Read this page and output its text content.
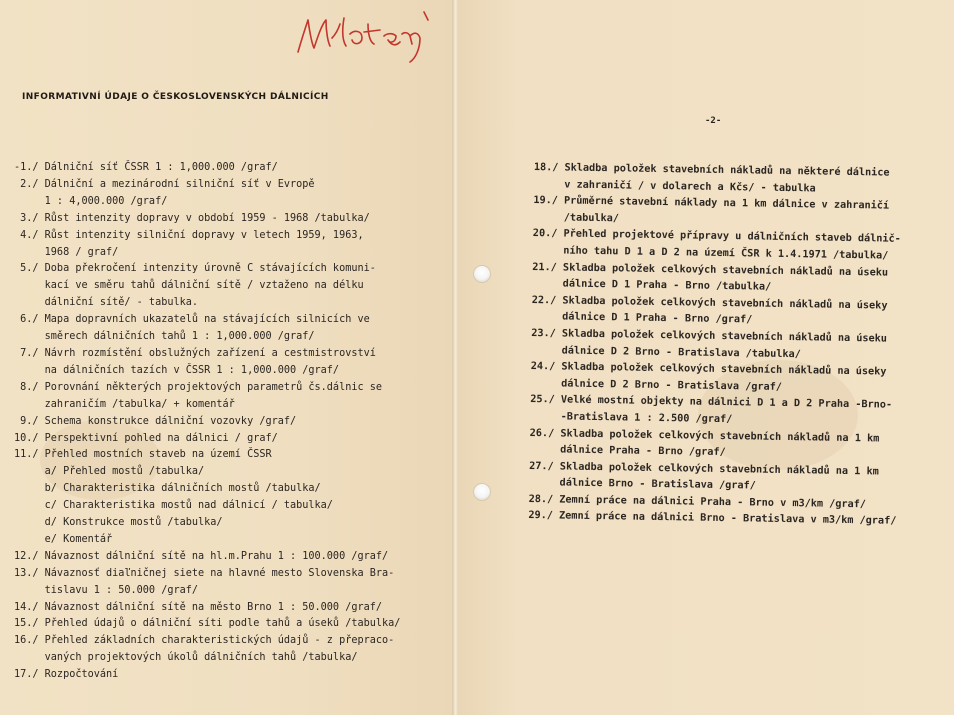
INFORMATIVNÍ ÚDAJE O ČESKOSLOVENSKÝCH DÁLNICÍCH
-1./ Dálniční síť ČSSR 1 : 1,000.000 /graf/
2./ Dálniční a mezinárodní silniční síť v Evropě
1 : 4,000.000 /graf/
3./ Růst intenzity dopravy v období 1959 - 1968 /tabulka/
4./ Růst intenzity silniční dopravy v letech 1959, 1963,
1968 / graf/
5./ Doba překročení intenzity úrovně C stávajících komuni-
kací ve směru tahů dálniční sítě / vztaženo na délku
dálniční sítě/ - tabulka.
6./ Mapa dopravních ukazatelů na stávajících silnicích ve
směrech dálničních tahů 1 : 1,000.000 /graf/
7./ Návrh rozmístění obslužných zařízení a cestmistrovství
na dálničních tazích v ČSSR 1 : 1,000.000 /graf/
8./ Porovnání některých projektových parametrů čs.dálnic se
zahraničím /tabulka/ + komentář
9./ Schema konstrukce dálniční vozovky /graf/
10./ Perspektivní pohled na dálnici / graf/
11./ Přehled mostních staveb na území ČSSR
a/ Přehled mostů /tabulka/
b/ Charakteristika dálničních mostů /tabulka/
c/ Charakteristika mostů nad dálnicí / tabulka/
d/ Konstrukce mostů /tabulka/
e/ Komentář
12./ Návaznost dálniční sítě na hl.m.Prahu 1 : 100.000 /graf/
13./ Návaznosť diaľničnej siete na hlavné mesto Slovenska Bra-
tislavu 1 : 50.000 /graf/
14./ Návaznost dálniční sítě na město Brno 1 : 50.000 /graf/
15./ Přehled údajů o dálniční síti podle tahů a úseků /tabulka/
16./ Přehled základních charakteristických údajů - z přepraco-
vaných projektových úkolů dálničních tahů /tabulka/
17./ Rozpočtování
18./ Skladba položek stavebních nákladů na některé dálnice
v zahraničí / v dolarech a Kčs/ - tabulka
19./ Průměrné stavební náklady na 1 km dálnice v zahraničí
/tabulka/
20./ Přehled projektové přípravy u dálničních staveb dálnič-
ního tahu D 1 a D 2 na území ČSR k 1.4.1971 /tabulka/
21./ Skladba položek celkových stavebních nákladů na úseku
dálnice D 1 Praha - Brno /tabulka/
22./ Skladba položek celkových stavebních nákladů na úseky
dálnice D 1 Praha - Brno /graf/
23./ Skladba položek celkových stavebních nákladů na úseku
dálnice D 2 Brno - Bratislava /tabulka/
24./ Skladba položek celkových stavebních nákladů na úseky
dálnice D 2 Brno - Bratislava /graf/
25./ Velké mostní objekty na dálnici D 1 a D 2 Praha -Brno-
-Bratislava 1 : 2.500 /graf/
26./ Skladba položek celkových stavebních nákladů na 1 km
dálnice Praha - Brno /graf/
27./ Skladba položek celkových stavebních nákladů na 1 km
dálnice Brno - Bratislava /graf/
28./ Zemní práce na dálnici Praha - Brno v m3/km /graf/
29./ Zemní práce na dálnici Brno - Bratislava v m3/km /graf/
-2-
